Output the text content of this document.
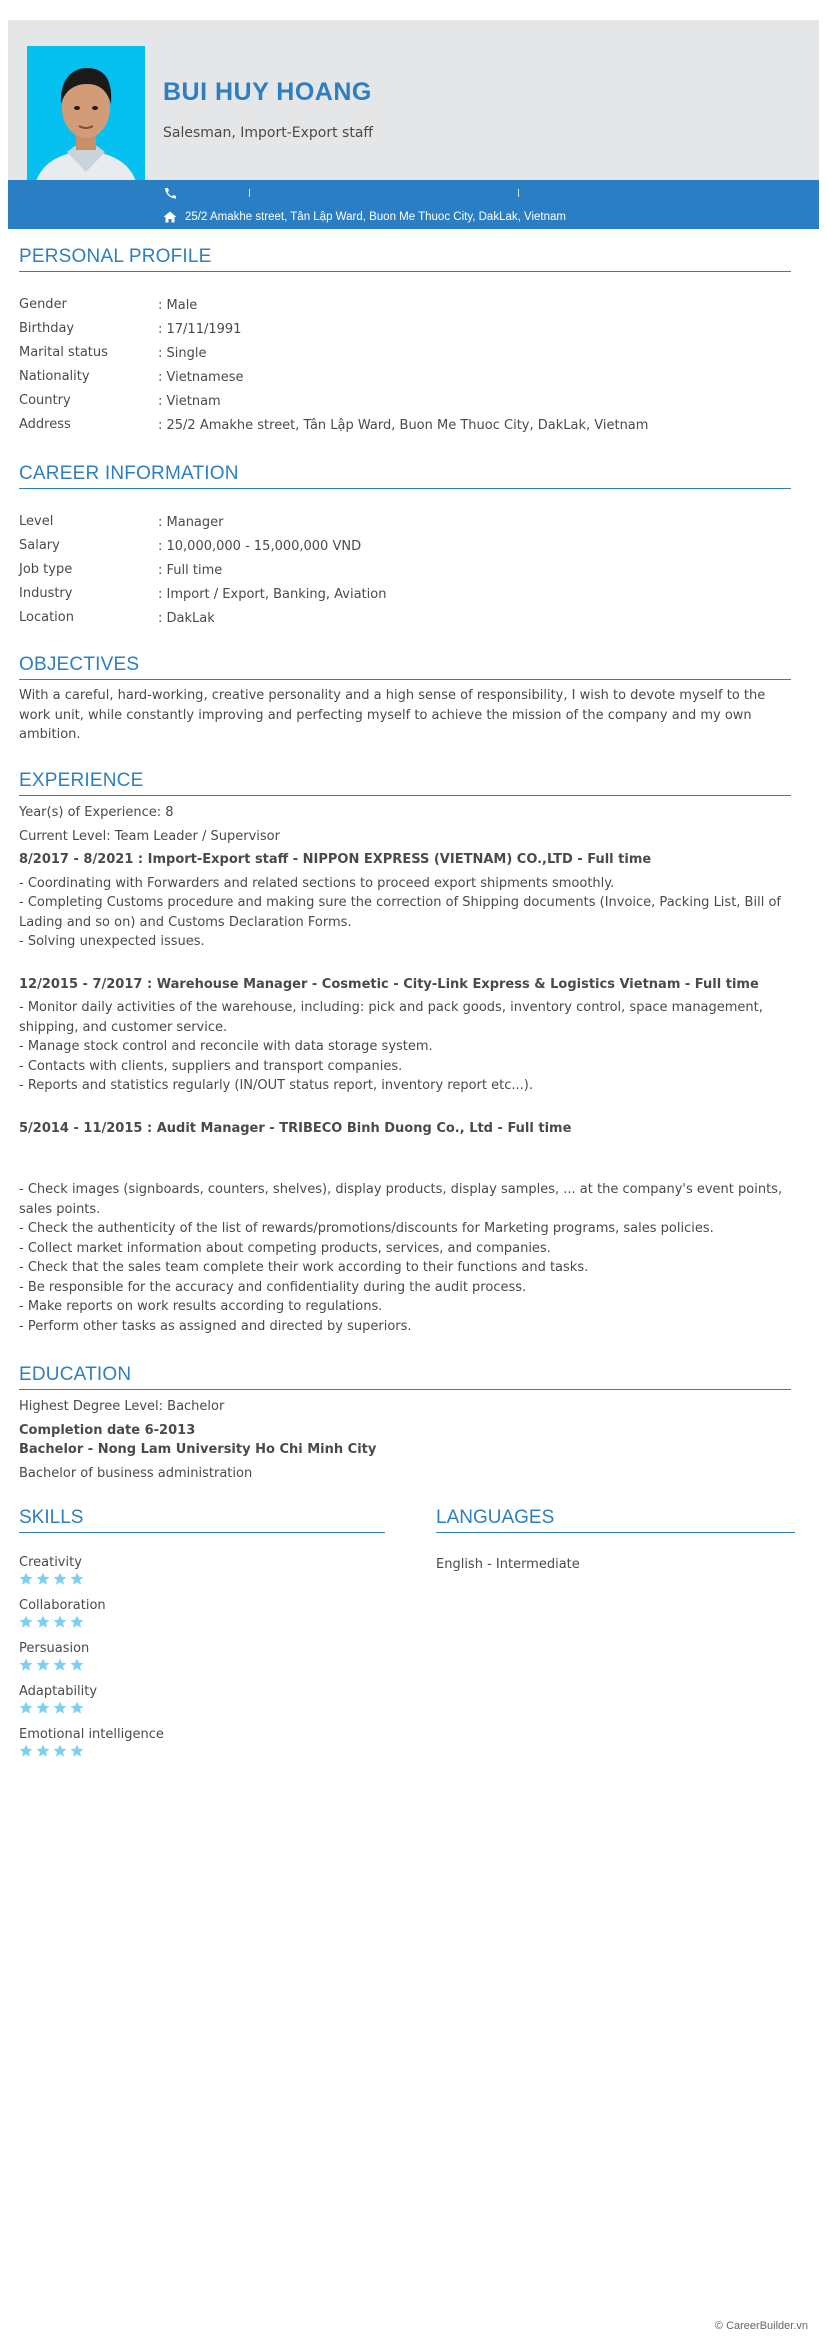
BUI HUY HOANG
Salesman, Import-Export staff
25/2 Amakhe street, Tân Lập Ward, Buon Me Thuoc City, DakLak, Vietnam
PERSONAL PROFILE
Gender	: Male
Birthday	: 17/11/1991
Marital status	: Single
Nationality	: Vietnamese
Country	: Vietnam
Address	: 25/2 Amakhe street, Tân Lập Ward, Buon Me Thuoc City, DakLak, Vietnam
CAREER INFORMATION
Level	: Manager
Salary	: 10,000,000 - 15,000,000 VND
Job type	: Full time
Industry	: Import / Export, Banking, Aviation
Location	: DakLak
OBJECTIVES

With a careful, hard-working, creative personality and a high sense of responsibility, I wish to devote myself to the work unit, while constantly improving and perfecting myself to achieve the mission of the company and my own ambition.

EXPERIENCE

Year(s) of Experience: 8

Current Level: Team Leader / Supervisor

8/2017 - 8/2021 : Import-Export staff - NIPPON EXPRESS (VIETNAM) CO.,LTD - Full time

- Coordinating with Forwarders and related sections to proceed export shipments smoothly.

- Completing Customs procedure and making sure the correction of Shipping documents (Invoice, Packing List, Bill of Lading and so on) and Customs Declaration Forms.

- Solving unexpected issues.

12/2015 - 7/2017 : Warehouse Manager - Cosmetic - City-Link Express & Logistics Vietnam - Full time

- Monitor daily activities of the warehouse, including: pick and pack goods, inventory control, space management, shipping, and customer service.

- Manage stock control and reconcile with data storage system.

- Contacts with clients, suppliers and transport companies.

- Reports and statistics regularly (IN/OUT status report, inventory report etc...).

5/2014 - 11/2015 : Audit Manager - TRIBECO Binh Duong Co., Ltd - Full time

- Check images (signboards, counters, shelves), display products, display samples, ... at the company's event points, sales points.

- Check the authenticity of the list of rewards/promotions/discounts for Marketing programs, sales policies.

- Collect market information about competing products, services, and companies.

- Check that the sales team complete their work according to their functions and tasks.

- Be responsible for the accuracy and confidentiality during the audit process.

- Make reports on work results according to regulations.

- Perform other tasks as assigned and directed by superiors.

EDUCATION

Highest Degree Level: Bachelor

Completion date 6-2013

Bachelor - Nong Lam University Ho Chi Minh City

Bachelor of business administration

SKILLS
Creativity
Collaboration
Persuasion
Adaptability
Emotional intelligence
LANGUAGES

English - Intermediate

© CareerBuilder.vn
